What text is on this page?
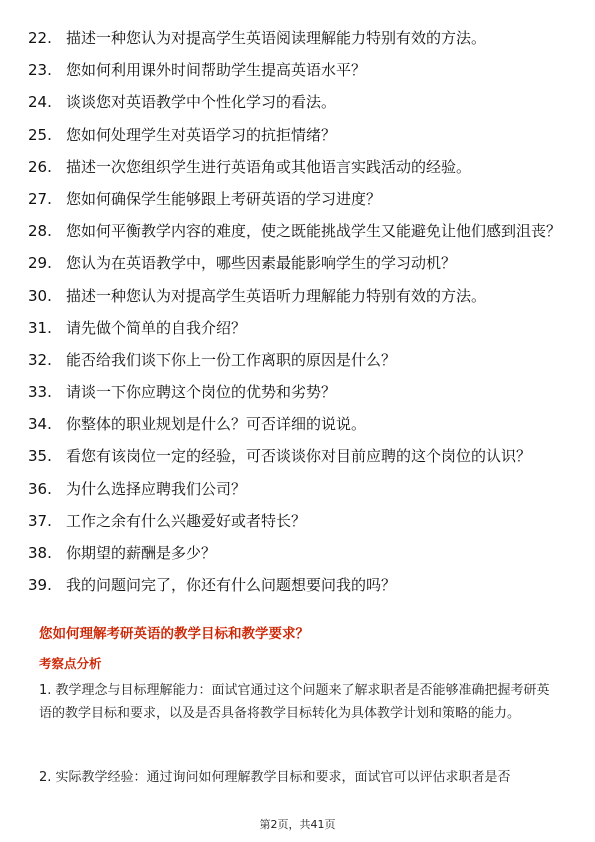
22. 描述一种您认为对提高学生英语阅读理解能力特别有效的方法。
23. 您如何利用课外时间帮助学生提高英语水平？
24. 谈谈您对英语教学中个性化学习的看法。
25. 您如何处理学生对英语学习的抗拒情绪？
26. 描述一次您组织学生进行英语角或其他语言实践活动的经验。
27. 您如何确保学生能够跟上考研英语的学习进度？
28. 您如何平衡教学内容的难度，使之既能挑战学生又能避免让他们感到沮丧？
29. 您认为在英语教学中，哪些因素最能影响学生的学习动机？
30. 描述一种您认为对提高学生英语听力理解能力特别有效的方法。
31. 请先做个简单的自我介绍？
32. 能否给我们谈下你上一份工作离职的原因是什么？
33. 请谈一下你应聘这个岗位的优势和劣势？
34. 你整体的职业规划是什么？可否详细的说说。
35. 看您有该岗位一定的经验，可否谈谈你对目前应聘的这个岗位的认识？
36. 为什么选择应聘我们公司？
37. 工作之余有什么兴趣爱好或者特长？
38. 你期望的薪酬是多少？
39. 我的问题问完了，你还有什么问题想要问我的吗？
您如何理解考研英语的教学目标和教学要求？
考察点分析
1. 教学理念与目标理解能力：面试官通过这个问题来了解求职者是否能够准确把握考研英语的教学目标和要求，以及是否具备将教学目标转化为具体教学计划和策略的能力。
2. 实际教学经验：通过询问如何理解教学目标和要求，面试官可以评估求职者是否
第2页，共41页
